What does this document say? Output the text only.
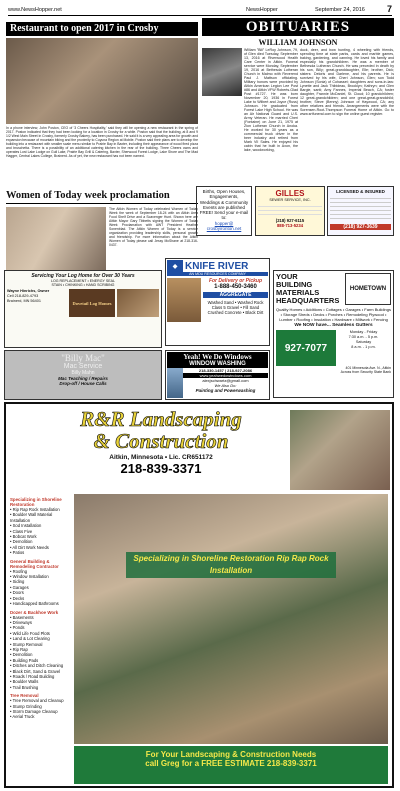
www.NewsHopper.net	NewsHopper	September 24, 2016 7
Restaurant to open 2017 in Crosby
In a phone interview, John Poston, CEO of '3 Cheers Hospitality,' said they will be opening a new restaurant in the spring of 2017. Poston indicated that they had been looking for a location in Crosby for a while. Poston said that the building, at 8 and 9 1/2 West Main Street in Crosby, formerly Crosby Bakery, has been purchased. He said it is a very appealing area for growth and expansion because of mountain biking and the proximity to Cuyuna Region at Mobile. Poston said their plans are to develop the building into a restaurant with smaller scale menu similar to Prairie Bay in Baxter, including their appearance of wood fired pizza and bruschetta. There is a possibility of an additional catering kitchen in the rear of the building. Three Cheers owns and operates Lost Lake Lodge on Gull Lake, Prairie Bay Grill & Catering, Baxter, Sherwood Forest Lodge, Lake Shore and The Mad Hagger, Central Lakes College, Brainerd. As of yet, the new restaurant has not been named.
Women of Today week proclamation
The Aitkin Women of Today celebrated Women of Today Week the week of September 18-24 with an Aitkin Area Food Shelf Drive and a Scavenger Hunt. Shown here are Aitkin Mayor Gary Tibbetts signing the Women of Today Week Proclamation with AWT President Heather Sonenblad. The Aitkin Women of Today is a service organization providing leadership skills, personal growth and friendship. For more information about the Aitkin Women of Today please call Jessy McShane at 218-316-0437.
OBITUARIES
WILLIAM JOHNSON
William "Bill" LeRoy Johnson, 79, of Glen died Tuesday, September 13, 2016 at Riverwood Health Care Center in Aitkin. Funeral service were Monday, September 19, 2016 at Bethesda Lutheran Church in Malmo with Reverend Paul J. Mattson officiating. Military honors were provided by Aitkin American Legion Lee Post #86 and Aitkin VFW Roberts-Glad Post #1727. He was born November 20, 1936 in Forest Lake to Wilbert and Joyce (Russ) Johnson. He graduated from Forest Lake High School. He was an Air National Guard and U.S. Army Veteran. He married Cheri (Fontaine) on June 21, 1975 at Zion Lutheran Church in Anoka. He worked for 30 years as a commercial truck driver in the beer industry and retired from Mark VII Sales. He enjoyed his cabin that he built in Axon, the lake, woodworking,
duck, deer, and bow hunting, 4 wheeling with friends, spending time at state parks, cards and marble games, baking, gardening, and canning. He loved his family and especially his grandchildren. He was a member of Bethesda Lutheran Church. He was preceded in death by his son, Billy; great-granddaughter, Elle; brother, Dick; sisters: Deloris and Darlene, and his parents. He is survived by his wife, Cheri Johnson, Glen; son Todd Johnson (Sonia) of Cohasset; daughters and sons-in-law: Lynette and Jack Thibideau, Brooklyn; Kathryn; and Glen Bargie, santi; Amy Fannes, Imperial Beach, CA; foster daughter, Frannie McDaniel, St. Cloud; 10 grandchildren; 12 great-grandchildren; and one great-great-grandchild; brother, Steve (Benny) Johnson of Haywood, CA; any other relatives and friends. Arrangements were with the Sorensen-Root-Thompson Funeral Home of Aitkin. Go to www.srtfuneral.com to sign the online guest register.
Births, Open Houses, Engagements, Weddings & Community Events are published FREE! Send your e-mail to:
hopper@
crosbyironton.net
GILLES
SEWER SERVICE, INC.
(218) 927-6115
888-713-5234
LICENSED & INSURED
(218) 927-3639
Servicing Your Log Home for Over 30 Years
LOG REPLACEMENT • ENERGY SEAL
STAIN • CHINKING • HAND SCRIBING
Wayne Hinrichs, Owner
Cell 218-829-4793
Brainerd, MN 56401	Dovetail Log Homes
◆ KNIFE RIVER
AN MDU RESOURCES COMPANY
For Delivery or Pickup
1-888-450-3460
AGGREGATE
Washed Sand • Washed Rock
Class 5 Gravel • Fill Sand
Crushed Concrete • Black Dirt
YOUR
BUILDING
MATERIALS
HEADQUARTERS
HOMETOWN
Quality Homes • Additions • Cottages • Garages • Farm Buildings • Storage Sheds • Decks • Porches • Remodeling Plywood • Lumber • Roofing • Insulation • Hardware • Millwork • Fencing
We NOW have... Seamless Gutters
927-7077
Monday - Friday
7:30 a.m. - 5 p.m.
Saturday
8 a.m. - 1 p.m.
401 Minnesota Ave. N., Aitkin
Across from Security State Bank
"Billy Mac"
Mac Service
Billy Mahn
Mac Teaching / Repairs
Drop-off / House Calls
Yeah! We Do Windows
WINDOW WASHING
218-330-1457 | 218-927-2086
www.yeahwedowindows.com
alexjschwartz@gmail.com
We Also Do:
Painting and Powerwashing
R&R Landscaping
& Construction
Aitkin, Minnesota • Lic. CR651172
218-839-3371
Specializing in Shoreline Restoration
• Rip Rap Rock Installation
• Boulder Wall Material Installation
• Sod Installation
• Class Five
• Bobcat Work
• Demolition
• All Dirt Work Needs
• Patios
General Building & Remodeling Contractor
• Roofing
• Window Installation
• Siding
• Garages
• Doors
• Decks
• Handicapped Bathrooms
Dozer & Backhoe Work
• Basements
• Driveways
• Ponds
• Wild Life Food Plots
• Land & Lot Clearing
• Stump Removal
• Rip Rap
• Demolition
• Building Pads
• Ditches and Ditch Cleaning
• Black Dirt, Sand & Gravel
• Roads / Road Building
• Boulder Walls
• Trail Brushing
Tree Removal
• Tree Removal and Cleanup
• Stump Grinding
• Storm Damage Cleanup
• Aerial Truck
Specializing in Shoreline Restoration Rip Rap Rock Installation
For Your Landscaping & Construction Needs
call Greg for a FREE ESTIMATE 218-839-3371
